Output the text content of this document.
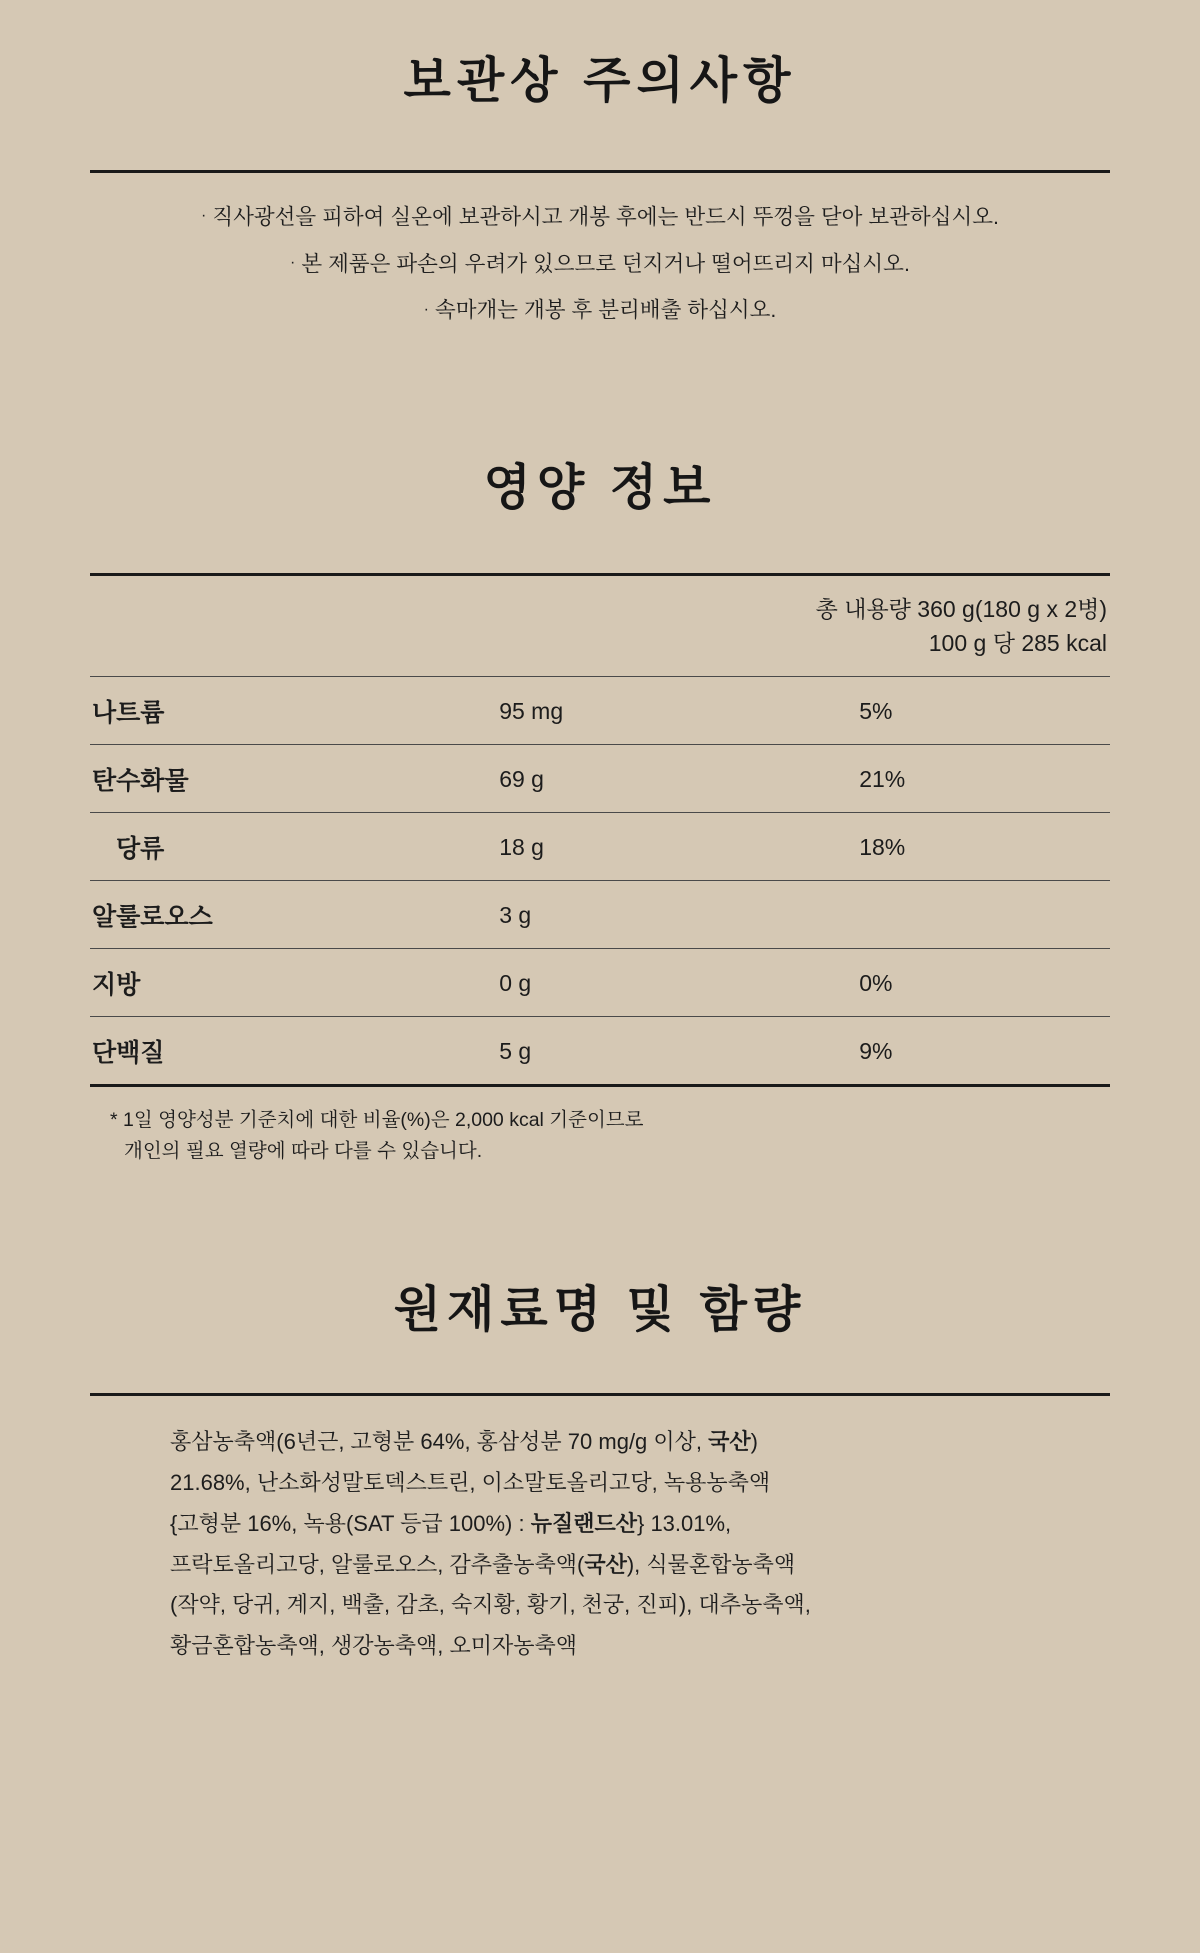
보관상 주의사항
· 직사광선을 피하여 실온에 보관하시고 개봉 후에는 반드시 뚜껑을 닫아 보관하십시오.
· 본 제품은 파손의 우려가 있으므로 던지거나 떨어뜨리지 마십시오.
· 속마개는 개봉 후 분리배출 하십시오.
영양 정보
총 내용량 360 g(180 g x 2병)
100 g 당 285 kcal		

나트륨	95 mg	5%
탄수화물	69 g	21%
당류	18 g	18%
알룰로오스	3 g	
지방	0 g	0%
단백질	5 g	9%
* 1일 영양성분 기준치에 대한 비율(%)은 2,000 kcal 기준이므로
개인의 필요 열량에 따라 다를 수 있습니다.
원재료명 및 함량
홍삼농축액(6년근, 고형분 64%, 홍삼성분 70 mg/g 이상, 국산)
21.68%, 난소화성말토덱스트린, 이소말토올리고당, 녹용농축액
{고형분 16%, 녹용(SAT 등급 100%) : 뉴질랜드산} 13.01%,
프락토올리고당, 알룰로오스, 감추출농축액(국산), 식물혼합농축액
(작약, 당귀, 계지, 백출, 감초, 숙지황, 황기, 천궁, 진피), 대추농축액,
황금혼합농축액, 생강농축액, 오미자농축액
